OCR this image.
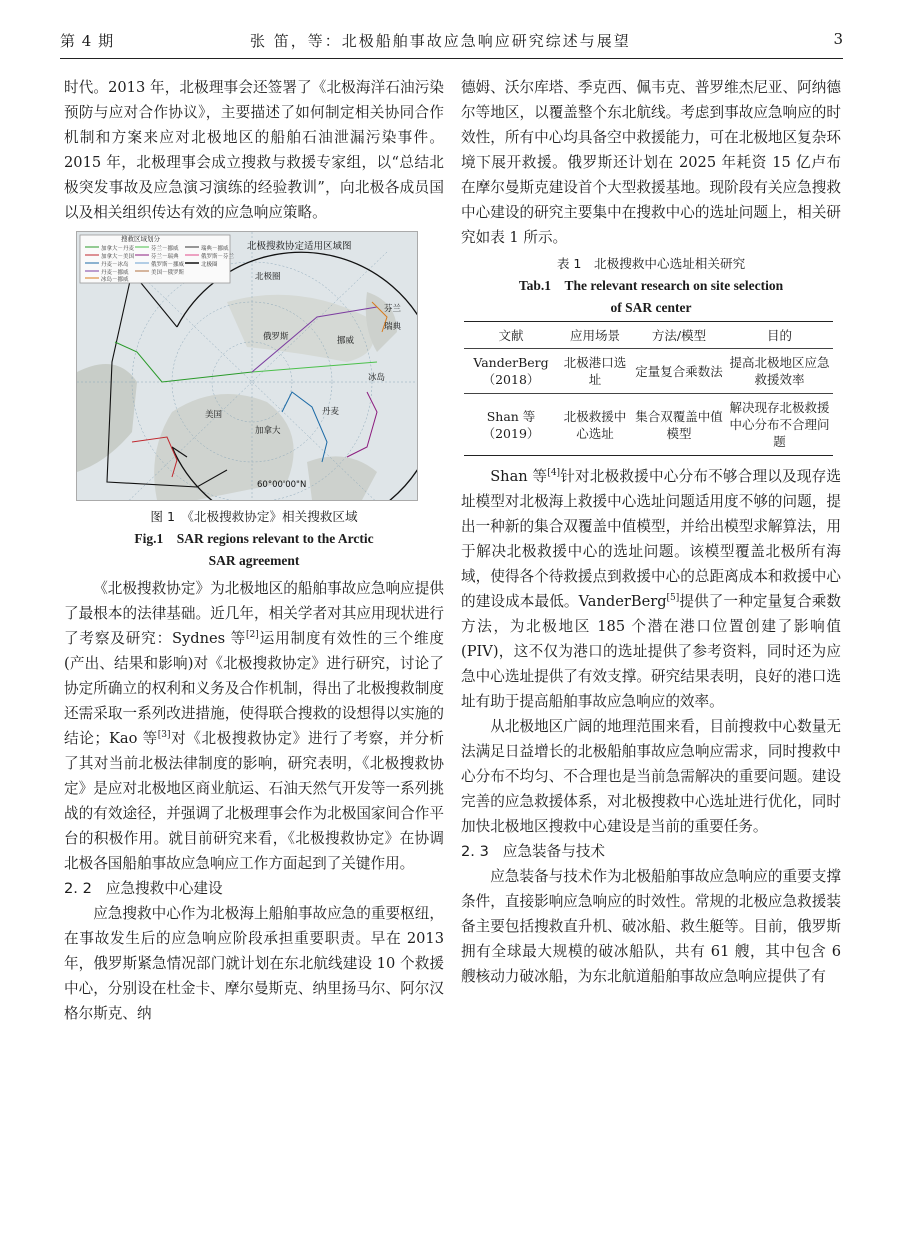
第 4 期	张 笛，等：北极船舶事故应急响应研究综述与展望	3

时代。2013 年，北极理事会还签署了《北极海洋石油污染预防与应对合作协议》，主要描述了如何制定相关协同合作机制和方案来应对北极地区的船舶石油泄漏污染事件。2015 年，北极理事会成立搜救与救援专家组，以“总结北极突发事故及应急演习演练的经验教训”，向北极各成员国以及相关组织传达有效的应急响应策略。

搜救区域划分
加拿大－丹麦
加拿大－美国
丹麦－冰岛
丹麦－挪威
冰岛－挪威
芬兰－挪威
芬兰－瑞典
俄罗斯－挪威
美国－俄罗斯
瑞典－挪威
俄罗斯－芬兰
北极圈
北极搜救协定适用区域图
北极圈
俄罗斯
芬兰
瑞典
挪威
冰岛
美国	丹麦
加拿大
60°00'00"N

图 1　《北极搜救协定》相关搜救区域

Fig.1　SAR regions relevant to the Arctic

SAR agreement

《北极搜救协定》为北极地区的船舶事故应急响应提供了最根本的法律基础。近几年，相关学者对其应用现状进行了考察及研究：Sydnes 等[2]运用制度有效性的三个维度(产出、结果和影响)对《北极搜救协定》进行研究，讨论了协定所确立的权利和义务及合作机制，得出了北极搜救制度还需采取一系列改进措施，使得联合搜救的设想得以实施的结论；Kao 等[3]对《北极搜救协定》进行了考察，并分析了其对当前北极法律制度的影响，研究表明，《北极搜救协定》是应对北极地区商业航运、石油天然气开发等一系列挑战的有效途径，并强调了北极理事会作为北极国家间合作平台的积极作用。就目前研究来看，《北极搜救协定》在协调北极各国船舶事故应急响应工作方面起到了关键作用。

2. 2 应急搜救中心建设

应急搜救中心作为北极海上船舶事故应急的重要枢纽，在事故发生后的应急响应阶段承担重要职责。早在 2013 年，俄罗斯紧急情况部门就计划在东北航线建设 10 个救援中心，分别设在杜金卡、摩尔曼斯克、纳里扬马尔、阿尔汉格尔斯克、纳

德姆、沃尔库塔、季克西、佩韦克、普罗维杰尼亚、阿纳德尔等地区，以覆盖整个东北航线。考虑到事故应急响应的时效性，所有中心均具备空中救援能力，可在北极地区复杂环境下展开救援。俄罗斯还计划在 2025 年耗资 15 亿卢布在摩尔曼斯克建设首个大型救援基地。现阶段有关应急搜救中心建设的研究主要集中在搜救中心的选址问题上，相关研究如表 1 所示。

表 1　北极搜救中心选址相关研究

Tab.1　The relevant research on site selection

of SAR center

文献	应用场景	方法/模型	目的
VanderBerg（2018）	北极港口选址	定量复合乘数法	提高北极地区应急救援效率
Shan 等（2019）	北极救援中心选址	集合双覆盖中值模型	解决现存北极救援中心分布不合理问题

Shan 等[4]针对北极救援中心分布不够合理以及现存选址模型对北极海上救援中心选址问题适用度不够的问题，提出一种新的集合双覆盖中值模型，并给出模型求解算法，用于解决北极救援中心的选址问题。该模型覆盖北极所有海域，使得各个待救援点到救援中心的总距离成本和救援中心的建设成本最低。VanderBerg[5]提供了一种定量复合乘数方法，为北极地区 185 个潜在港口位置创建了影响值(PIV)，这不仅为港口的选址提供了参考资料，同时还为应急中心选址提供了有效支撑。研究结果表明，良好的港口选址有助于提高船舶事故应急响应的效率。

从北极地区广阔的地理范围来看，目前搜救中心数量无法满足日益增长的北极船舶事故应急响应需求，同时搜救中心分布不均匀、不合理也是当前急需解决的重要问题。建设完善的应急救援体系，对北极搜救中心选址进行优化，同时加快北极地区搜救中心建设是当前的重要任务。

2. 3 应急装备与技术

应急装备与技术作为北极船舶事故应急响应的重要支撑条件，直接影响应急响应的时效性。常规的北极应急救援装备主要包括搜救直升机、破冰船、救生艇等。目前，俄罗斯拥有全球最大规模的破冰船队，共有 61 艘，其中包含 6 艘核动力破冰船，为东北航道船舶事故应急响应提供了有
